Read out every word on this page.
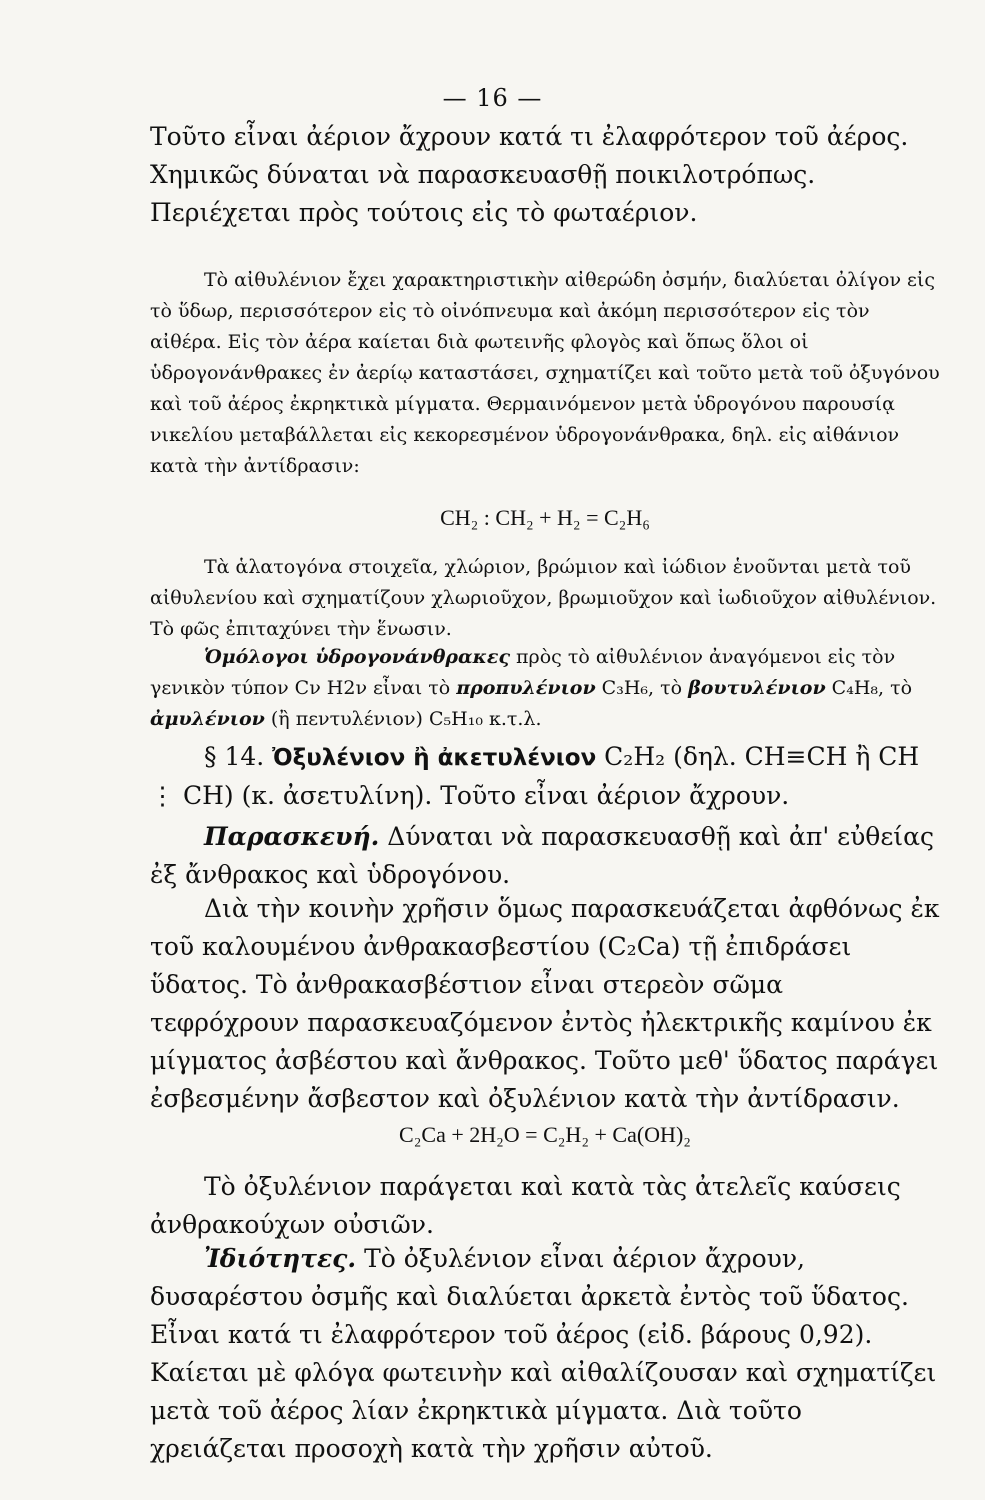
— 16 —

Τοῦτο εἶναι ἀέριον ἄχρουν κατά τι ἐλαφρότερον τοῦ ἀέρος. Χημικῶς δύναται νὰ παρασκευασθῇ ποικιλοτρόπως. Περιέχεται πρὸς τούτοις εἰς τὸ φωταέριον.

Τὸ αἰθυλένιον ἔχει χαρακτηριστικὴν αἰθερώδη ὀσμήν, διαλύεται ὀλίγον εἰς τὸ ὕδωρ, περισσότερον εἰς τὸ οἰνόπνευμα καὶ ἀκόμη περισσότερον εἰς τὸν αἰθέρα. Εἰς τὸν ἀέρα καίεται διὰ φωτεινῆς φλογὸς καὶ ὅπως ὅλοι οἱ ὑδρογονάνθρακες ἐν ἀερίῳ καταστάσει, σχηματίζει καὶ τοῦτο μετὰ τοῦ ὀξυγόνου καὶ τοῦ ἀέρος ἐκρηκτικὰ μίγματα. Θερμαινόμενον μετὰ ὑδρογόνου παρουσίᾳ νικελίου μεταβάλλεται εἰς κεκορεσμένον ὑδρογονάνθρακα, δηλ. εἰς αἰθάνιον κατὰ τὴν ἀντίδρασιν:

CH₂ : CH₂ + H₂ = C₂H₆

Τὰ ἁλατογόνα στοιχεῖα, χλώριον, βρώμιον καὶ ἰώδιον ἑνοῦνται μετὰ τοῦ αἰθυλενίου καὶ σχηματίζουν χλωριοῦχον, βρωμιοῦχον καὶ ἰωδιοῦχον αἰθυλένιον. Τὸ φῶς ἐπιταχύνει τὴν ἕνωσιν.

Ὁμόλογοι ὑδρογονάνθρακες πρὸς τὸ αἰθυλένιον ἀναγόμενοι εἰς τὸν γενικὸν τύπον Cν H2ν εἶναι τὸ προπυλένιον C₃H₆, τὸ βουτυλένιον C₄H₈, τὸ ἀμυλένιον (ἢ πεντυλένιον) C₅H₁₀ κ.τ.λ.

§ 14. Ὀξυλένιον ἢ ἀκετυλένιον C₂H₂ (δηλ. CH≡CH ἢ CH ⋮ CH) (κ. ἀσετυλίνη). Τοῦτο εἶναι ἀέριον ἄχρουν.

Παρασκευή. Δύναται νὰ παρασκευασθῇ καὶ ἀπ' εὐθείας ἐξ ἄνθρακος καὶ ὑδρογόνου.

Διὰ τὴν κοινὴν χρῆσιν ὅμως παρασκευάζεται ἀφθόνως ἐκ τοῦ καλουμένου ἀνθρακασβεστίου (C₂Ca) τῇ ἐπιδράσει ὕδατος. Τὸ ἀνθρακασβέστιον εἶναι στερεὸν σῶμα τεφρόχρουν παρασκευαζόμενον ἐντὸς ἠλεκτρικῆς καμίνου ἐκ μίγματος ἀσβέστου καὶ ἄνθρακος. Τοῦτο μεθ' ὕδατος παράγει ἐσβεσμένην ἄσβεστον καὶ ὀξυλένιον κατὰ τὴν ἀντίδρασιν.

C₂Ca + 2H₂O = C₂H₂ + Ca(OH)₂

Τὸ ὀξυλένιον παράγεται καὶ κατὰ τὰς ἀτελεῖς καύσεις ἀνθρακούχων οὐσιῶν.

Ἰδιότητες. Τὸ ὀξυλένιον εἶναι ἀέριον ἄχρουν, δυσαρέστου ὀσμῆς καὶ διαλύεται ἀρκετὰ ἐντὸς τοῦ ὕδατος. Εἶναι κατά τι ἐλαφρότερον τοῦ ἀέρος (εἰδ. βάρους 0,92). Καίεται μὲ φλόγα φωτεινὴν καὶ αἰθαλίζουσαν καὶ σχηματίζει μετὰ τοῦ ἀέρος λίαν ἐκρηκτικὰ μίγματα. Διὰ τοῦτο χρειάζεται προσοχὴ κατὰ τὴν χρῆσιν αὐτοῦ.
